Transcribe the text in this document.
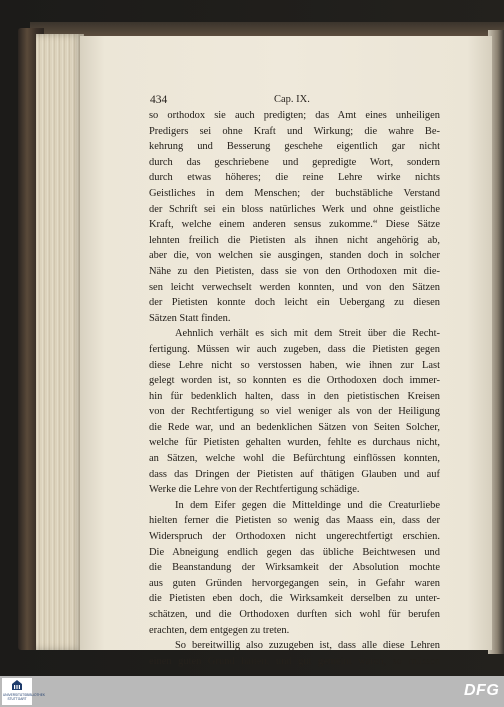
434	Cap. IX.
so orthodox sie auch predigten; das Amt eines unheiligen
Predigers sei ohne Kraft und Wirkung; die wahre Be-
kehrung und Besserung geschehe eigentlich gar nicht
durch das geschriebene und gepredigte Wort, sondern
durch etwas höheres; die reine Lehre wirke nichts
Geistliches in dem Menschen; der buchstäbliche Verstand
der Schrift sei ein bloss natürliches Werk und ohne geistliche
Kraft, welche einem anderen sensus zukomme.“ Diese Sätze
lehnten freilich die Pietisten als ihnen nicht angehörig ab,
aber die, von welchen sie ausgingen, standen doch in solcher
Nähe zu den Pietisten, dass sie von den Orthodoxen mit die-
sen leicht verwechselt werden konnten, und von den Sätzen
der Pietisten konnte doch leicht ein Uebergang zu diesen
Sätzen Statt finden.
Aehnlich verhält es sich mit dem Streit über die Recht-
fertigung. Müssen wir auch zugeben, dass die Pietisten gegen
diese Lehre nicht so verstossen haben, wie ihnen zur Last
gelegt worden ist, so konnten es die Orthodoxen doch immer-
hin für bedenklich halten, dass in den pietistischen Kreisen
von der Rechtfertigung so viel weniger als von der Heiligung
die Rede war, und an bedenklichen Sätzen von Seiten Solcher,
welche für Pietisten gehalten wurden, fehlte es durchaus nicht,
an Sätzen, welche wohl die Befürchtung einflössen konnten,
dass das Dringen der Pietisten auf thätigen Glauben und auf
Werke die Lehre von der Rechtfertigung schädige.
In dem Eifer gegen die Mitteldinge und die Creaturliebe
hielten ferner die Pietisten so wenig das Maass ein, dass der
Widerspruch der Orthodoxen nicht ungerechtfertigt erschien.
Die Abneigung endlich gegen das übliche Beichtwesen und
die Beanstandung der Wirksamkeit der Absolution mochte
aus guten Gründen hervorgegangen sein, in Gefahr waren
die Pietisten eben doch, die Wirksamkeit derselben zu unter-
schätzen, und die Orthodoxen durften sich wohl für berufen
erachten, dem entgegen zu treten.
So bereitwillig also zuzugeben ist, dass alle diese Lehren
einen guten Grund hatten, und gut gemeint waren, so müssen
UNIVERSITÄTSBIBLIOTHEK STUTTGART	DFG
